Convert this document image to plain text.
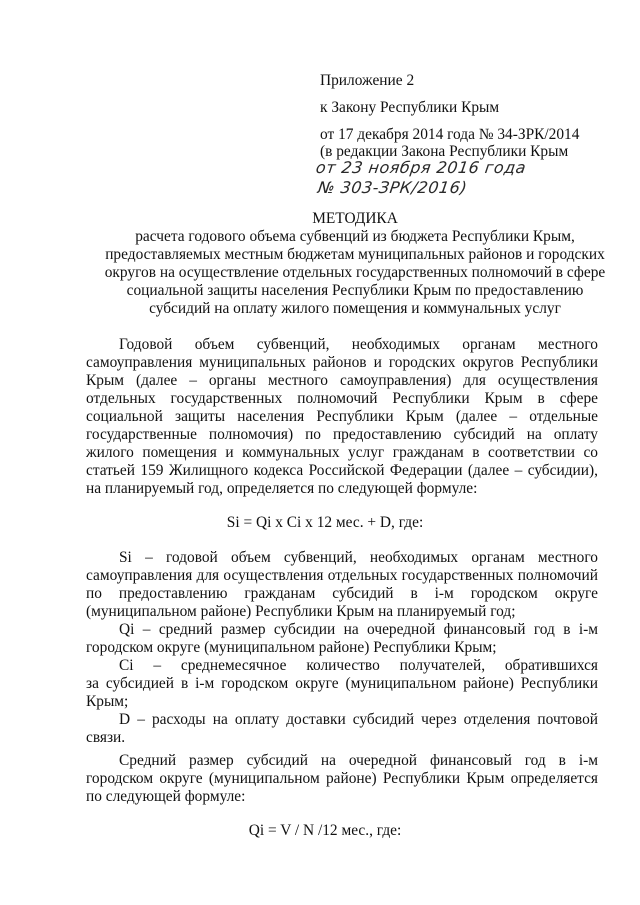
Приложение 2
к Закону Республики Крым
от 17 декабря 2014 года № 34-ЗРК/2014
(в редакции Закона Республики Крым
от 23 ноября 2016 года
№ 303-ЗРК/2016)
МЕТОДИКА
расчета годового объема субвенций из бюджета Республики Крым,
предоставляемых местным бюджетам муниципальных районов и городских
округов на осуществление отдельных государственных полномочий в сфере
социальной защиты населения Республики Крым по предоставлению
субсидий на оплату жилого помещения и коммунальных услуг
Годовой объем субвенций, необходимых органам местного
самоуправления муниципальных районов и городских округов Республики
Крым (далее – органы местного самоуправления) для осуществления
отдельных государственных полномочий Республики Крым в сфере
социальной защиты населения Республики Крым (далее – отдельные
государственные полномочия) по предоставлению субсидий на оплату
жилого помещения и коммунальных услуг гражданам в соответствии со
статьей 159 Жилищного кодекса Российской Федерации (далее – субсидии),
на планируемый год, определяется по следующей формуле:
Si = Qi x Ci x 12 мес. + D, где:
Si – годовой объем субвенций, необходимых органам местного
самоуправления для осуществления отдельных государственных полномочий
по предоставлению гражданам субсидий в i-м городском округе
(муниципальном районе) Республики Крым на планируемый год;
Qi – средний размер субсидии на очередной финансовый год в i-м
городском округе (муниципальном районе) Республики Крым;
Ci – среднемесячное количество получателей, обратившихся
за субсидией в i-м городском округе (муниципальном районе) Республики
Крым;
D – расходы на оплату доставки субсидий через отделения почтовой
связи.
Средний размер субсидий на очередной финансовый год в i-м
городском округе (муниципальном районе) Республики Крым определяется
по следующей формуле:
Qi = V / N /12 мес., где:
